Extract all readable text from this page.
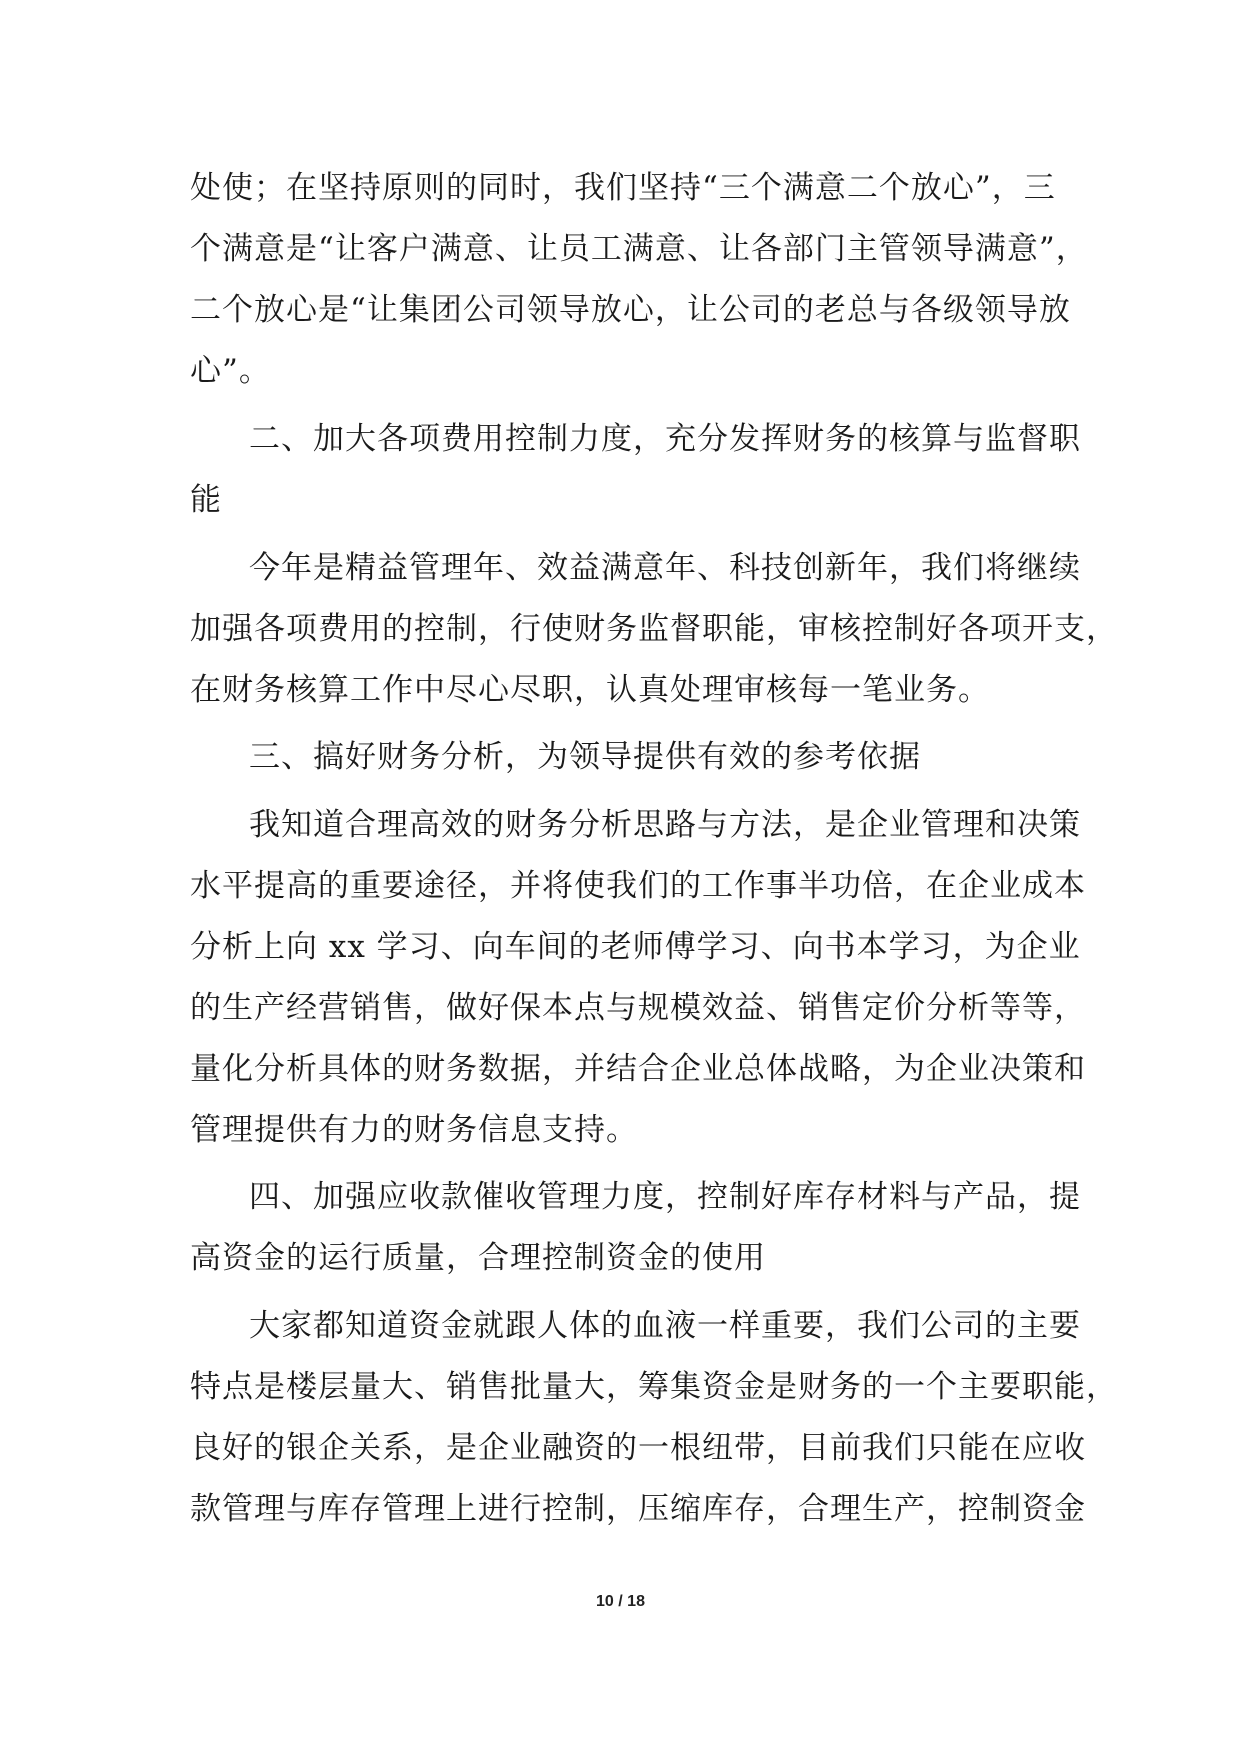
处使；在坚持原则的同时，我们坚持“三个满意二个放心”，三
个满意是“让客户满意、让员工满意、让各部门主管领导满意”，
二个放心是“让集团公司领导放心，让公司的老总与各级领导放
心”。
二、加大各项费用控制力度，充分发挥财务的核算与监督职
能
今年是精益管理年、效益满意年、科技创新年，我们将继续
加强各项费用的控制，行使财务监督职能，审核控制好各项开支，
在财务核算工作中尽心尽职，认真处理审核每一笔业务。
三、搞好财务分析，为领导提供有效的参考依据
我知道合理高效的财务分析思路与方法，是企业管理和决策
水平提高的重要途径，并将使我们的工作事半功倍，在企业成本
分析上向 xx 学习、向车间的老师傅学习、向书本学习，为企业
的生产经营销售，做好保本点与规模效益、销售定价分析等等，
量化分析具体的财务数据，并结合企业总体战略，为企业决策和
管理提供有力的财务信息支持。
四、加强应收款催收管理力度，控制好库存材料与产品，提
高资金的运行质量，合理控制资金的使用
大家都知道资金就跟人体的血液一样重要，我们公司的主要
特点是楼层量大、销售批量大，筹集资金是财务的一个主要职能，
良好的银企关系，是企业融资的一根纽带，目前我们只能在应收
款管理与库存管理上进行控制，压缩库存，合理生产，控制资金
10 / 18
